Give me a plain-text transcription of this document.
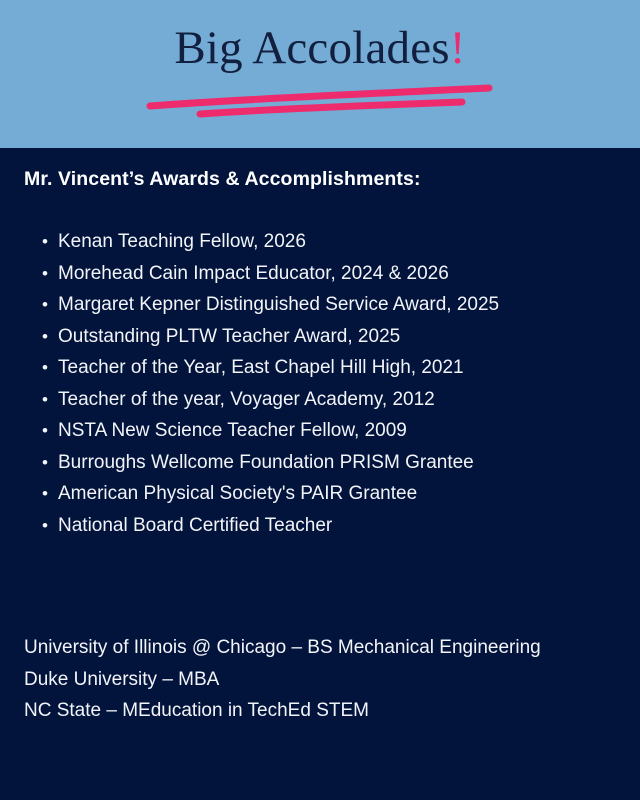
Big Accolades!
Mr. Vincent’s Awards & Accomplishments:
• Kenan Teaching Fellow, 2026
• Morehead Cain Impact Educator, 2024 & 2026
• Margaret Kepner Distinguished Service Award, 2025
• Outstanding PLTW Teacher Award, 2025
• Teacher of the Year, East Chapel Hill High, 2021
• Teacher of the year, Voyager Academy, 2012
• NSTA New Science Teacher Fellow, 2009
• Burroughs Wellcome Foundation PRISM Grantee
• American Physical Society's PAIR Grantee
• National Board Certified Teacher
University of Illinois @ Chicago – BS Mechanical Engineering
Duke University – MBA
NC State – MEducation in TechEd STEM
